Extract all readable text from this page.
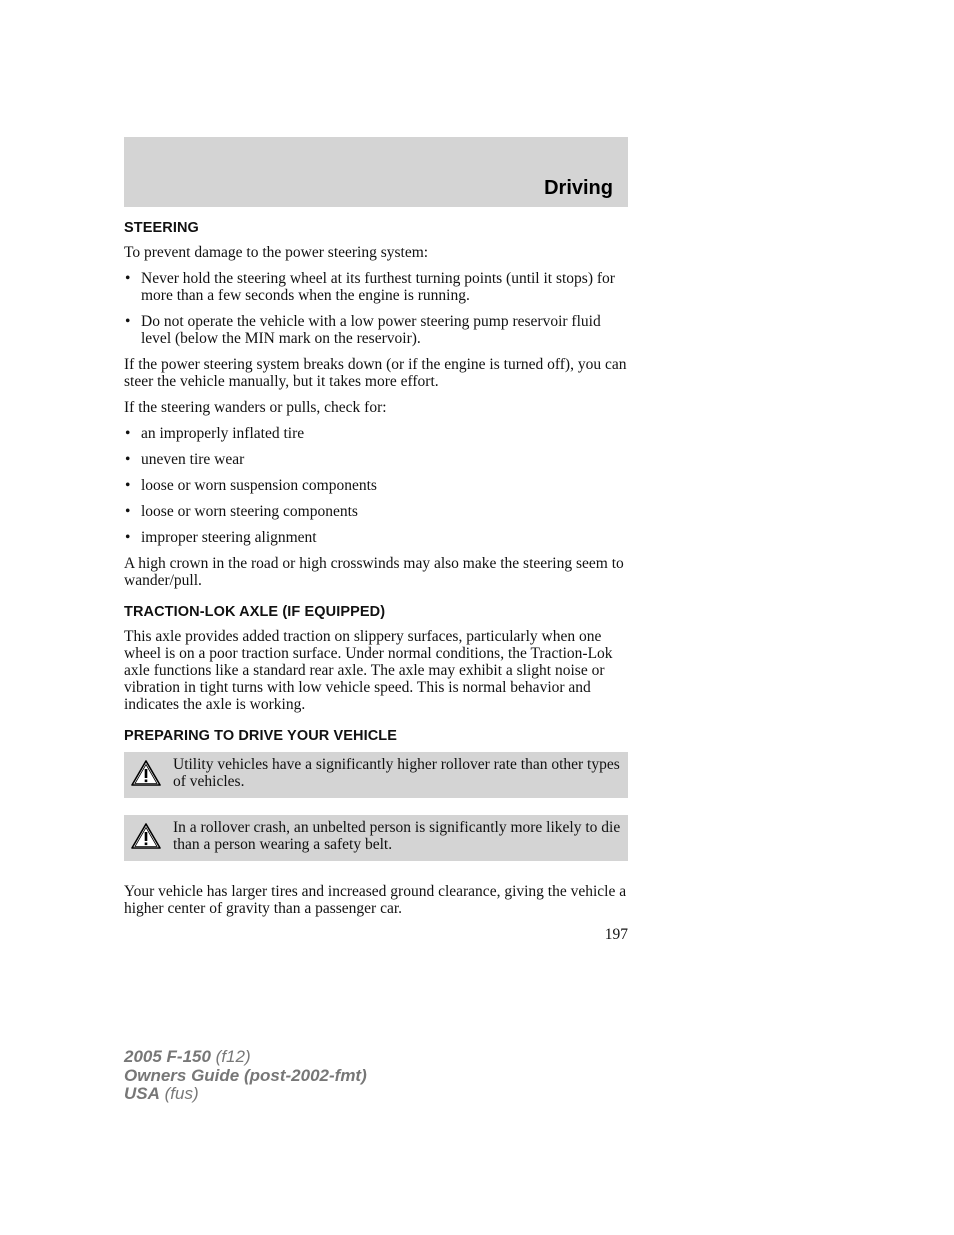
Driving
STEERING

To prevent damage to the power steering system:

• Never hold the steering wheel at its furthest turning points (until it stops) for more than a few seconds when the engine is running.
• Do not operate the vehicle with a low power steering pump reservoir fluid level (below the MIN mark on the reservoir).

If the power steering system breaks down (or if the engine is turned off), you can steer the vehicle manually, but it takes more effort.

If the steering wanders or pulls, check for:

• an improperly inflated tire
• uneven tire wear
• loose or worn suspension components
• loose or worn steering components
• improper steering alignment

A high crown in the road or high crosswinds may also make the steering seem to wander/pull.

TRACTION-LOK AXLE (IF EQUIPPED)

This axle provides added traction on slippery surfaces, particularly when one wheel is on a poor traction surface. Under normal conditions, the Traction-Lok axle functions like a standard rear axle. The axle may exhibit a slight noise or vibration in tight turns with low vehicle speed. This is normal behavior and indicates the axle is working.

PREPARING TO DRIVE YOUR VEHICLE
Utility vehicles have a significantly higher rollover rate than other types of vehicles.
In a rollover crash, an unbelted person is significantly more likely to die than a person wearing a safety belt.

Your vehicle has larger tires and increased ground clearance, giving the vehicle a higher center of gravity than a passenger car.

197
2005 F-150 (f12)
Owners Guide (post-2002-fmt)
USA (fus)
